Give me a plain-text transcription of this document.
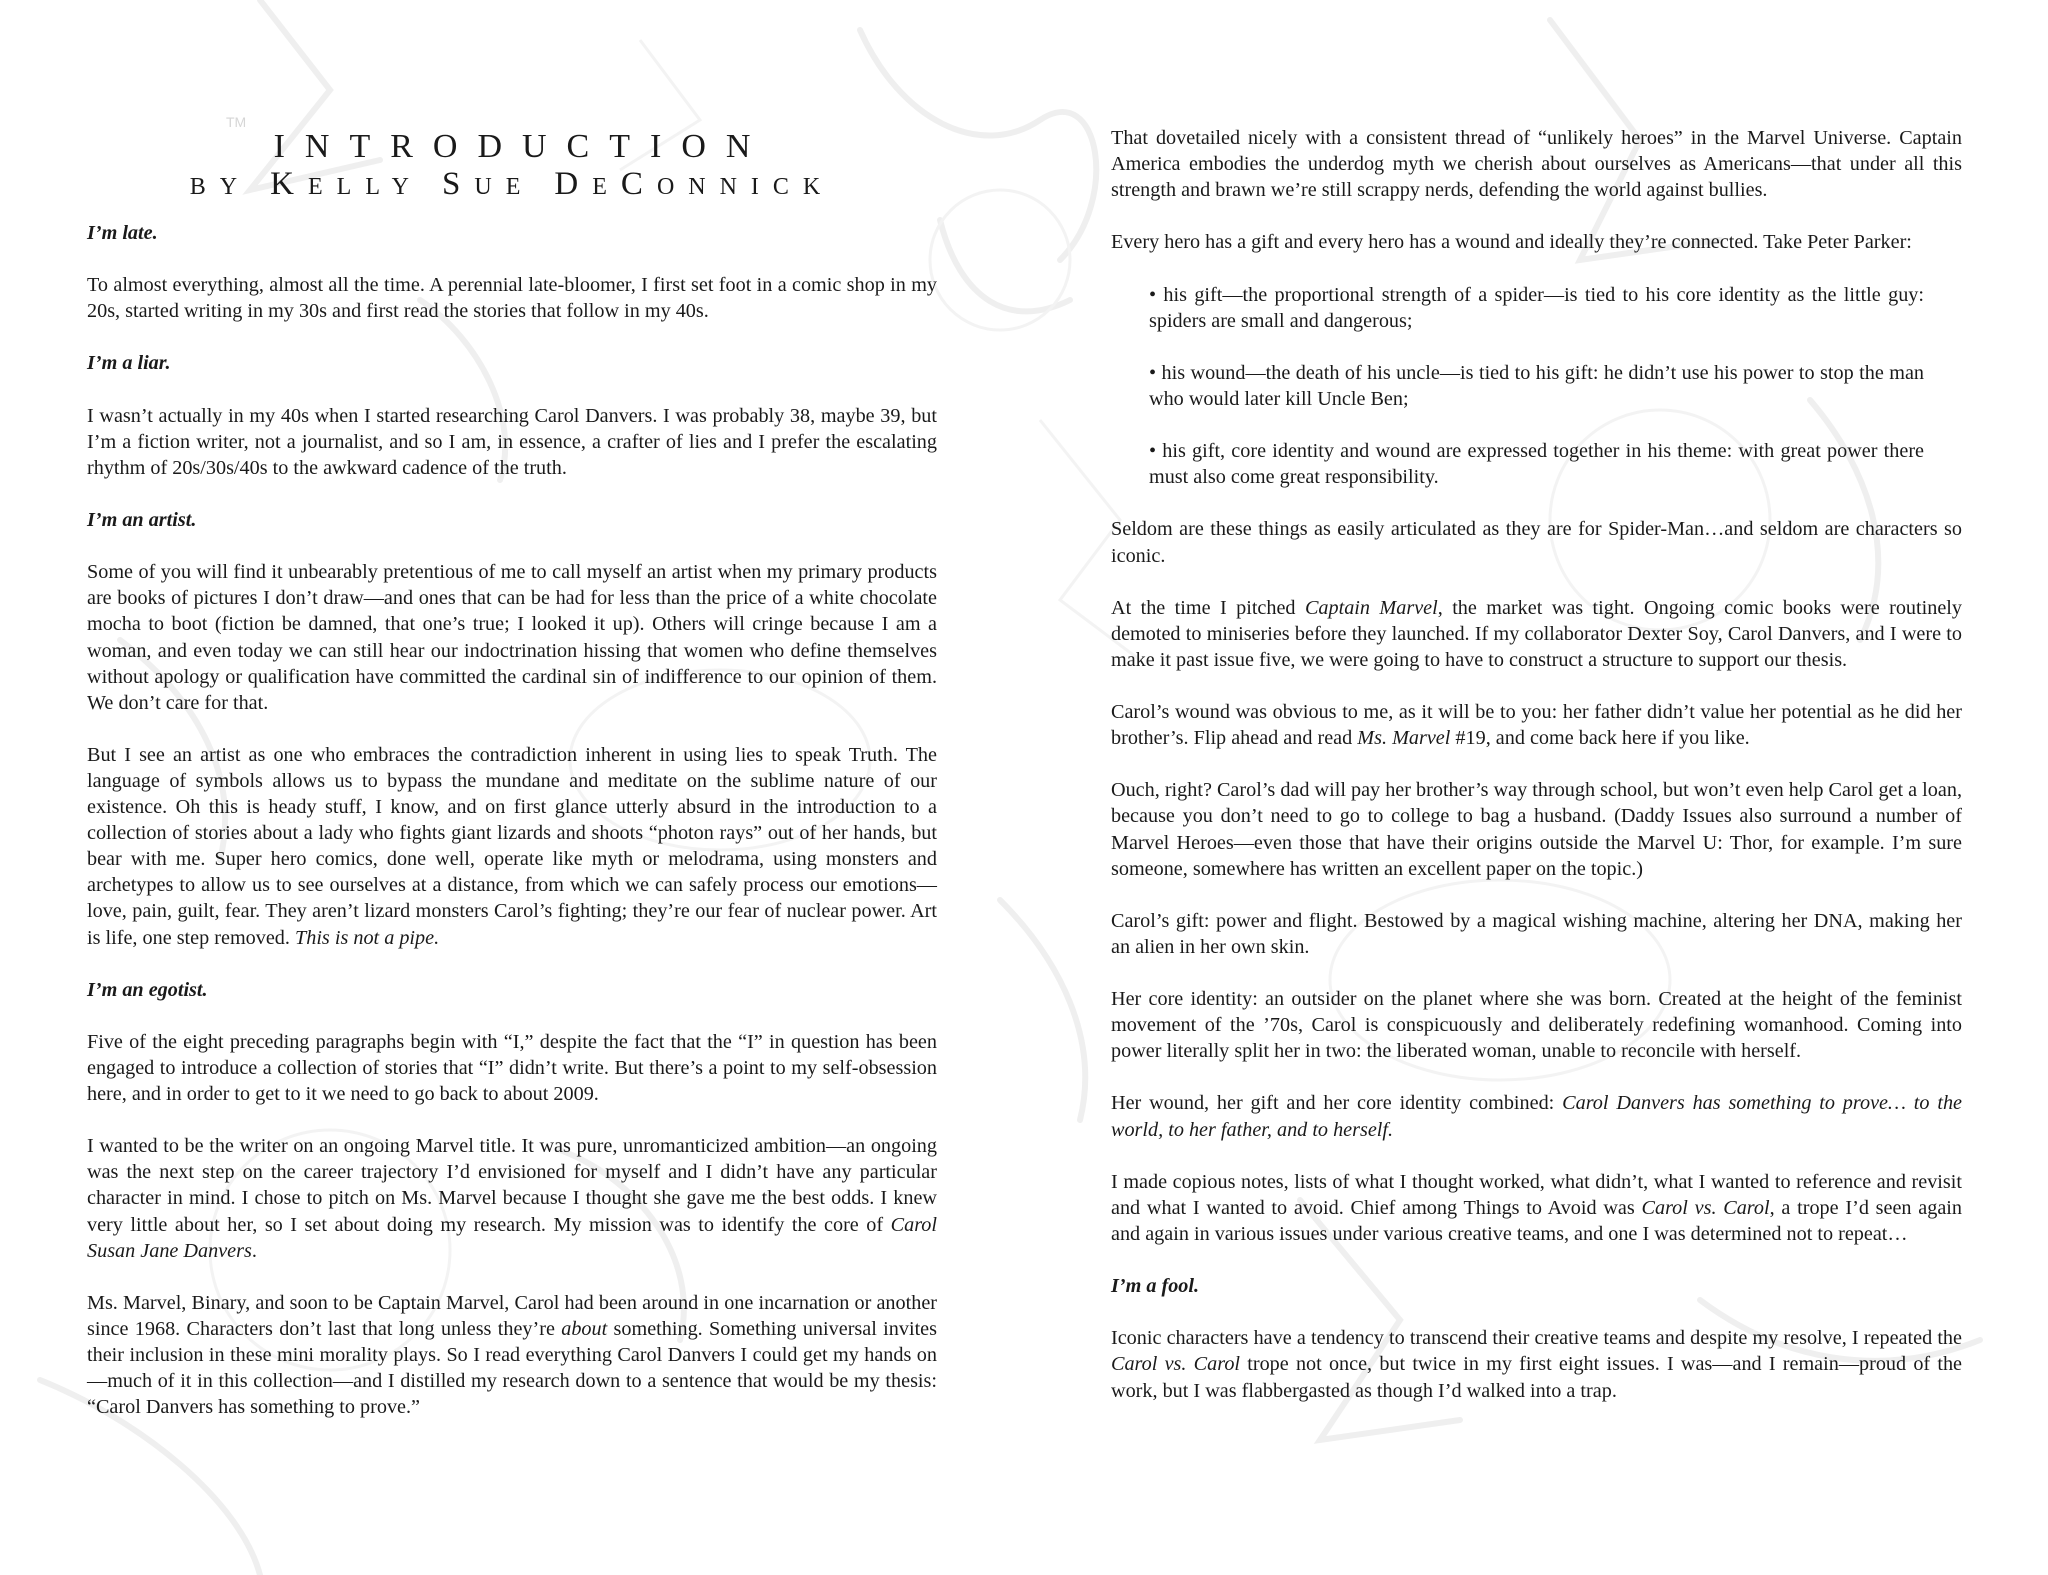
TM
INTRODUCTION
BY KELLY SUE DECONNICK

I’m late.

To almost everything, almost all the time. A perennial late-bloomer, I first set foot in a comic shop in my 20s, started writing in my 30s and first read the stories that follow in my 40s.

I’m a liar.

I wasn’t actually in my 40s when I started researching Carol Danvers. I was probably 38, maybe 39, but I’m a fiction writer, not a journalist, and so I am, in essence, a crafter of lies and I prefer the escalating rhythm of 20s/30s/40s to the awkward cadence of the truth.

I’m an artist.

Some of you will find it unbearably pretentious of me to call myself an artist when my primary products are books of pictures I don’t draw—and ones that can be had for less than the price of a white chocolate mocha to boot (fiction be damned, that one’s true; I looked it up). Others will cringe because I am a woman, and even today we can still hear our indoctrination hissing that women who define themselves without apology or qualification have committed the cardinal sin of indifference to our opinion of them. We don’t care for that.

But I see an artist as one who embraces the contradiction inherent in using lies to speak Truth. The language of symbols allows us to bypass the mundane and meditate on the sublime nature of our existence. Oh this is heady stuff, I know, and on first glance utterly absurd in the introduction to a collection of stories about a lady who fights giant lizards and shoots “photon rays” out of her hands, but bear with me. Super hero comics, done well, operate like myth or melodrama, using monsters and archetypes to allow us to see ourselves at a distance, from which we can safely process our emotions—love, pain, guilt, fear. They aren’t lizard monsters Carol’s fighting; they’re our fear of nuclear power. Art is life, one step removed. This is not a pipe.

I’m an egotist.

Five of the eight preceding paragraphs begin with “I,” despite the fact that the “I” in question has been engaged to introduce a collection of stories that “I” didn’t write. But there’s a point to my self-obsession here, and in order to get to it we need to go back to about 2009.

I wanted to be the writer on an ongoing Marvel title. It was pure, unromanticized ambition—an ongoing was the next step on the career trajectory I’d envisioned for myself and I didn’t have any particular character in mind. I chose to pitch on Ms. Marvel because I thought she gave me the best odds. I knew very little about her, so I set about doing my research. My mission was to identify the core of Carol Susan Jane Danvers.

Ms. Marvel, Binary, and soon to be Captain Marvel, Carol had been around in one incarnation or another since 1968. Characters don’t last that long unless they’re about something. Something universal invites their inclusion in these mini morality plays. So I read everything Carol Danvers I could get my hands on—much of it in this collection—and I distilled my research down to a sentence that would be my thesis: “Carol Danvers has something to prove.”

That dovetailed nicely with a consistent thread of “unlikely heroes” in the Marvel Universe. Captain America embodies the underdog myth we cherish about ourselves as Americans—that under all this strength and brawn we’re still scrappy nerds, defending the world against bullies.

Every hero has a gift and every hero has a wound and ideally they’re connected. Take Peter Parker:

• his gift—the proportional strength of a spider—is tied to his core identity as the little guy: spiders are small and dangerous;

• his wound—the death of his uncle—is tied to his gift: he didn’t use his power to stop the man who would later kill Uncle Ben;

• his gift, core identity and wound are expressed together in his theme: with great power there must also come great responsibility.

Seldom are these things as easily articulated as they are for Spider-Man…and seldom are characters so iconic.

At the time I pitched Captain Marvel, the market was tight. Ongoing comic books were routinely demoted to miniseries before they launched. If my collaborator Dexter Soy, Carol Danvers, and I were to make it past issue five, we were going to have to construct a structure to support our thesis.

Carol’s wound was obvious to me, as it will be to you: her father didn’t value her potential as he did her brother’s. Flip ahead and read Ms. Marvel #19, and come back here if you like.

Ouch, right? Carol’s dad will pay her brother’s way through school, but won’t even help Carol get a loan, because you don’t need to go to college to bag a husband. (Daddy Issues also surround a number of Marvel Heroes—even those that have their origins outside the Marvel U: Thor, for example. I’m sure someone, somewhere has written an excellent paper on the topic.)

Carol’s gift: power and flight. Bestowed by a magical wishing machine, altering her DNA, making her an alien in her own skin.

Her core identity: an outsider on the planet where she was born. Created at the height of the feminist movement of the ’70s, Carol is conspicuously and deliberately redefining womanhood. Coming into power literally split her in two: the liberated woman, unable to reconcile with herself.

Her wound, her gift and her core identity combined: Carol Danvers has something to prove… to the world, to her father, and to herself.

I made copious notes, lists of what I thought worked, what didn’t, what I wanted to reference and revisit and what I wanted to avoid. Chief among Things to Avoid was Carol vs. Carol, a trope I’d seen again and again in various issues under various creative teams, and one I was determined not to repeat…

I’m a fool.

Iconic characters have a tendency to transcend their creative teams and despite my resolve, I repeated the Carol vs. Carol trope not once, but twice in my first eight issues. I was—and I remain—proud of the work, but I was flabbergasted as though I’d walked into a trap.
